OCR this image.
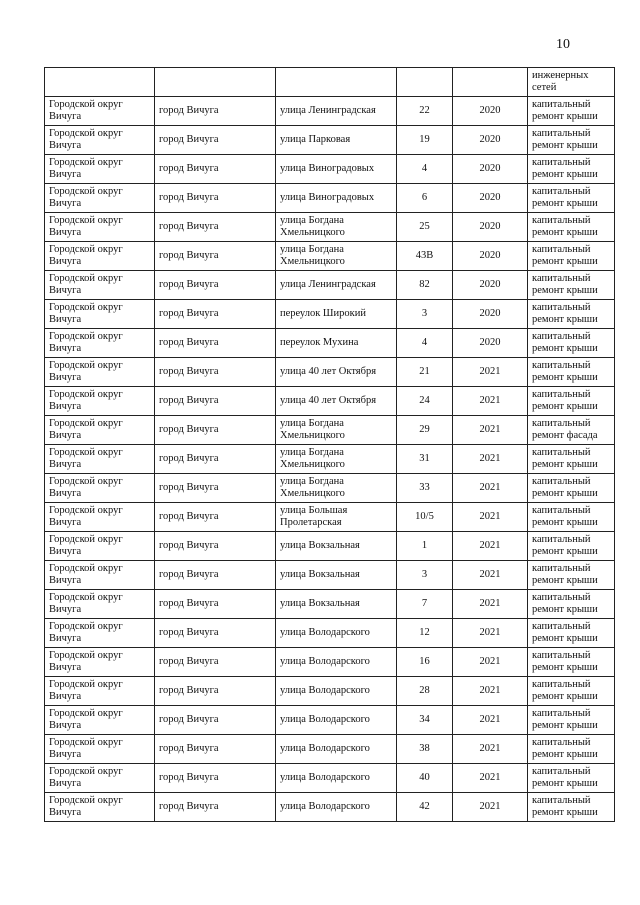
10
					инженерных сетей
Городской округ Вичуга	город Вичуга	улица Ленинградская	22	2020	капитальный ремонт крыши
Городской округ Вичуга	город Вичуга	улица Парковая	19	2020	капитальный ремонт крыши
Городской округ Вичуга	город Вичуга	улица Виноградовых	4	2020	капитальный ремонт крыши
Городской округ Вичуга	город Вичуга	улица Виноградовых	6	2020	капитальный ремонт крыши
Городской округ Вичуга	город Вичуга	улица Богдана Хмельницкого	25	2020	капитальный ремонт крыши
Городской округ Вичуга	город Вичуга	улица Богдана Хмельницкого	43В	2020	капитальный ремонт крыши
Городской округ Вичуга	город Вичуга	улица Ленинградская	82	2020	капитальный ремонт крыши
Городской округ Вичуга	город Вичуга	переулок Широкий	3	2020	капитальный ремонт крыши
Городской округ Вичуга	город Вичуга	переулок Мухина	4	2020	капитальный ремонт крыши
Городской округ Вичуга	город Вичуга	улица 40 лет Октября	21	2021	капитальный ремонт крыши
Городской округ Вичуга	город Вичуга	улица 40 лет Октября	24	2021	капитальный ремонт крыши
Городской округ Вичуга	город Вичуга	улица Богдана Хмельницкого	29	2021	капитальный ремонт фасада
Городской округ Вичуга	город Вичуга	улица Богдана Хмельницкого	31	2021	капитальный ремонт крыши
Городской округ Вичуга	город Вичуга	улица Богдана Хмельницкого	33	2021	капитальный ремонт крыши
Городской округ Вичуга	город Вичуга	улица Большая Пролетарская	10/5	2021	капитальный ремонт крыши
Городской округ Вичуга	город Вичуга	улица Вокзальная	1	2021	капитальный ремонт крыши
Городской округ Вичуга	город Вичуга	улица Вокзальная	3	2021	капитальный ремонт крыши
Городской округ Вичуга	город Вичуга	улица Вокзальная	7	2021	капитальный ремонт крыши
Городской округ Вичуга	город Вичуга	улица Володарского	12	2021	капитальный ремонт крыши
Городской округ Вичуга	город Вичуга	улица Володарского	16	2021	капитальный ремонт крыши
Городской округ Вичуга	город Вичуга	улица Володарского	28	2021	капитальный ремонт крыши
Городской округ Вичуга	город Вичуга	улица Володарского	34	2021	капитальный ремонт крыши
Городской округ Вичуга	город Вичуга	улица Володарского	38	2021	капитальный ремонт крыши
Городской округ Вичуга	город Вичуга	улица Володарского	40	2021	капитальный ремонт крыши
Городской округ Вичуга	город Вичуга	улица Володарского	42	2021	капитальный ремонт крыши
